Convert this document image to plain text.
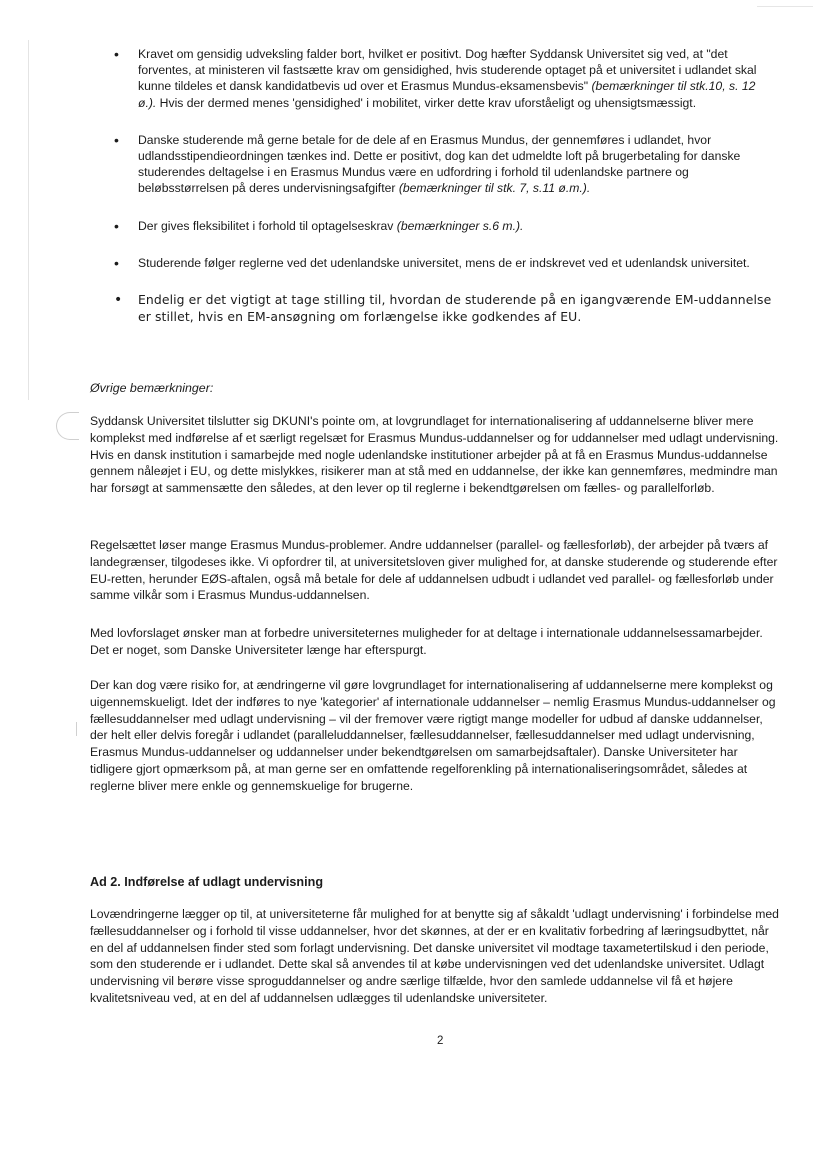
• Kravet om gensidig udveksling falder bort, hvilket er positivt. Dog hæfter Syddansk Universitet sig ved, at "det forventes, at ministeren vil fastsætte krav om gensidighed, hvis studerende optaget på et universitet i udlandet skal kunne tildeles et dansk kandidatbevis ud over et Erasmus Mundus-eksamensbevis" (bemærkninger til stk.10, s. 12 ø.). Hvis der dermed menes 'gensidighed' i mobilitet, virker dette krav uforståeligt og uhensigtsmæssigt.
• Danske studerende må gerne betale for de dele af en Erasmus Mundus, der gennemføres i udlandet, hvor udlandsstipendieordningen tænkes ind. Dette er positivt, dog kan det udmeldte loft på brugerbetaling for danske studerendes deltagelse i en Erasmus Mundus være en udfordring i forhold til udenlandske partnere og beløbsstørrelsen på deres undervisningsafgifter (bemærkninger til stk. 7, s.11 ø.m.).
• Der gives fleksibilitet i forhold til optagelseskrav (bemærkninger s.6 m.).
• Studerende følger reglerne ved det udenlandske universitet, mens de er indskrevet ved et udenlandsk universitet.
• Endelig er det vigtigt at tage stilling til, hvordan de studerende på en igangværende EM-uddannelse er stillet, hvis en EM-ansøgning om forlængelse ikke godkendes af EU.

Øvrige bemærkninger:

Syddansk Universitet tilslutter sig DKUNI's pointe om, at lovgrundlaget for internationalisering af uddannelserne bliver mere komplekst med indførelse af et særligt regelsæt for Erasmus Mundus-uddannelser og for uddannelser med udlagt undervisning. Hvis en dansk institution i samarbejde med nogle udenlandske institutioner arbejder på at få en Erasmus Mundus-uddannelse gennem nåleøjet i EU, og dette mislykkes, risikerer man at stå med en uddannelse, der ikke kan gennemføres, medmindre man har forsøgt at sammensætte den således, at den lever op til reglerne i bekendtgørelsen om fælles- og parallelforløb.

Regelsættet løser mange Erasmus Mundus-problemer. Andre uddannelser (parallel- og fællesforløb), der arbejder på tværs af landegrænser, tilgodeses ikke. Vi opfordrer til, at universitetsloven giver mulighed for, at danske studerende og studerende efter EU-retten, herunder EØS-aftalen, også må betale for dele af uddannelsen udbudt i udlandet ved parallel- og fællesforløb under samme vilkår som i Erasmus Mundus-uddannelsen.

Med lovforslaget ønsker man at forbedre universiteternes muligheder for at deltage i internationale uddannelsessamarbejder. Det er noget, som Danske Universiteter længe har efterspurgt.

Der kan dog være risiko for, at ændringerne vil gøre lovgrundlaget for internationalisering af uddannelserne mere komplekst og uigennemskueligt. Idet der indføres to nye 'kategorier' af internationale uddannelser – nemlig Erasmus Mundus-uddannelser og fællesuddannelser med udlagt undervisning – vil der fremover være rigtigt mange modeller for udbud af danske uddannelser, der helt eller delvis foregår i udlandet (paralleluddannelser, fællesuddannelser, fællesuddannelser med udlagt undervisning, Erasmus Mundus-uddannelser og uddannelser under bekendtgørelsen om samarbejdsaftaler). Danske Universiteter har tidligere gjort opmærksom på, at man gerne ser en omfattende regelforenkling på internationaliseringsområdet, således at reglerne bliver mere enkle og gennemskuelige for brugerne.

Ad 2. Indførelse af udlagt undervisning

Lovændringerne lægger op til, at universiteterne får mulighed for at benytte sig af såkaldt 'udlagt undervisning' i forbindelse med fællesuddannelser og i forhold til visse uddannelser, hvor det skønnes, at der er en kvalitativ forbedring af læringsudbyttet, når en del af uddannelsen finder sted som forlagt undervisning. Det danske universitet vil modtage taxametertilskud i den periode, som den studerende er i udlandet. Dette skal så anvendes til at købe undervisningen ved det udenlandske universitet. Udlagt undervisning vil berøre visse sproguddannelser og andre særlige tilfælde, hvor den samlede uddannelse vil få et højere kvalitetsniveau ved, at en del af uddannelsen udlægges til udenlandske universiteter.

2
